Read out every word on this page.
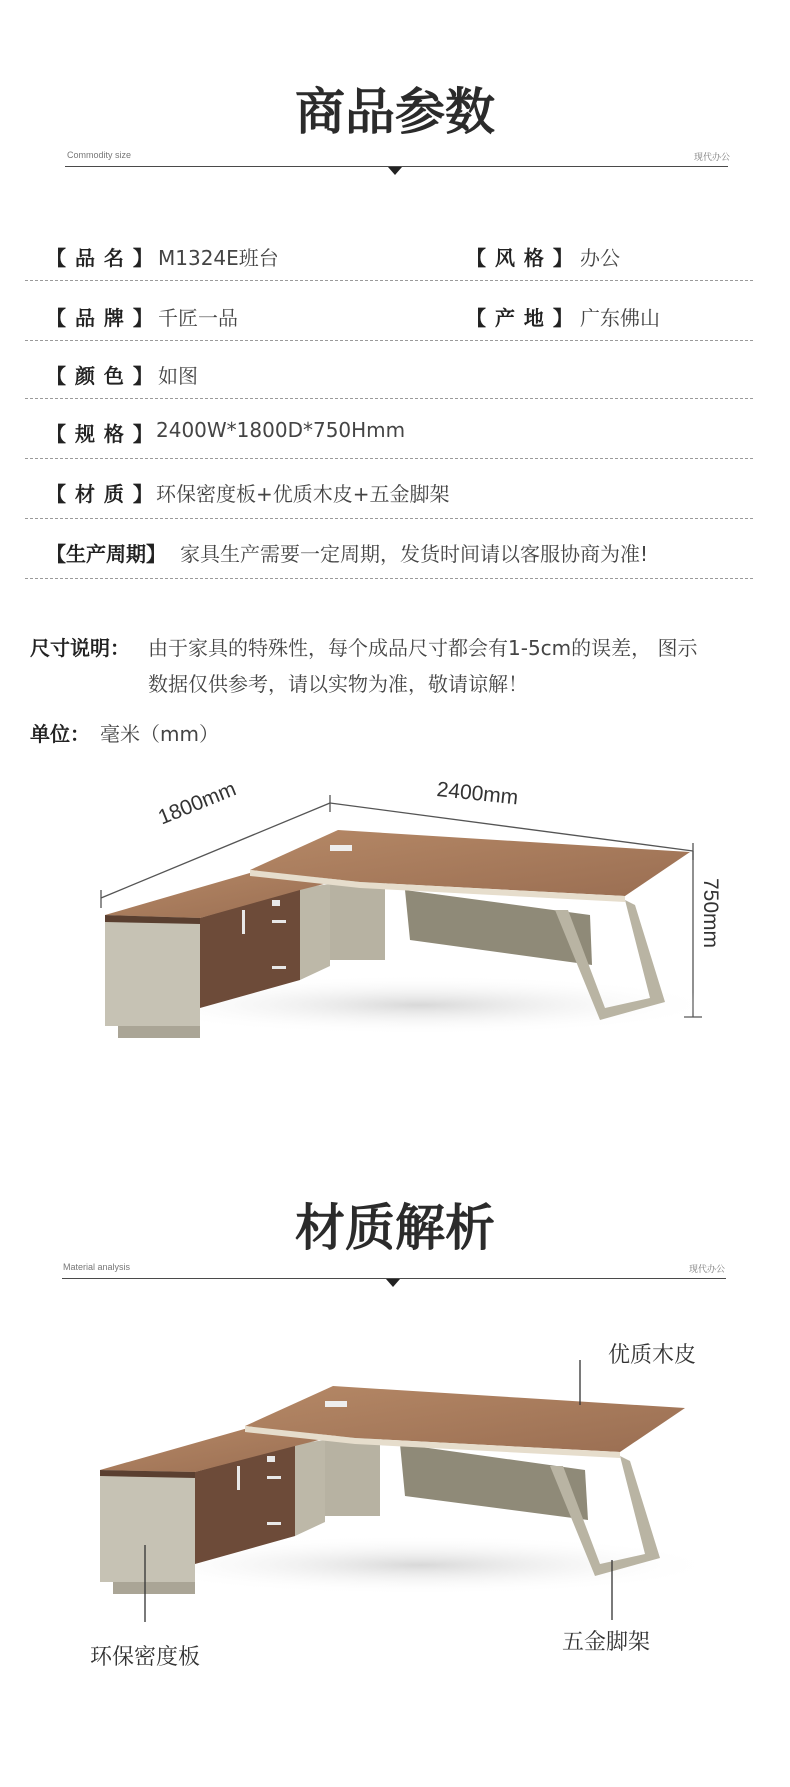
商品参数
Commodity size	现代办公
【 品 名 】 M1324E班台	【 风 格 】 办公
【 品 牌 】 千匠一品	【 产 地 】 广东佛山
【 颜 色 】 如图
【 规 格 】 2400W*1800D*750Hmm
【 材 质 】 环保密度板+优质木皮+五金脚架
【生产周期】 家具生产需要一定周期，发货时间请以客服协商为准!
尺寸说明： 由于家具的特殊性，每个成品尺寸都会有1-5cm的误差， 图示
数据仅供参考，请以实物为准，敬请谅解！
单位： 毫米（mm）
1800mm	2400mm
750mm
材质解析
Material analysis	现代办公
优质木皮
环保密度板
五金脚架
